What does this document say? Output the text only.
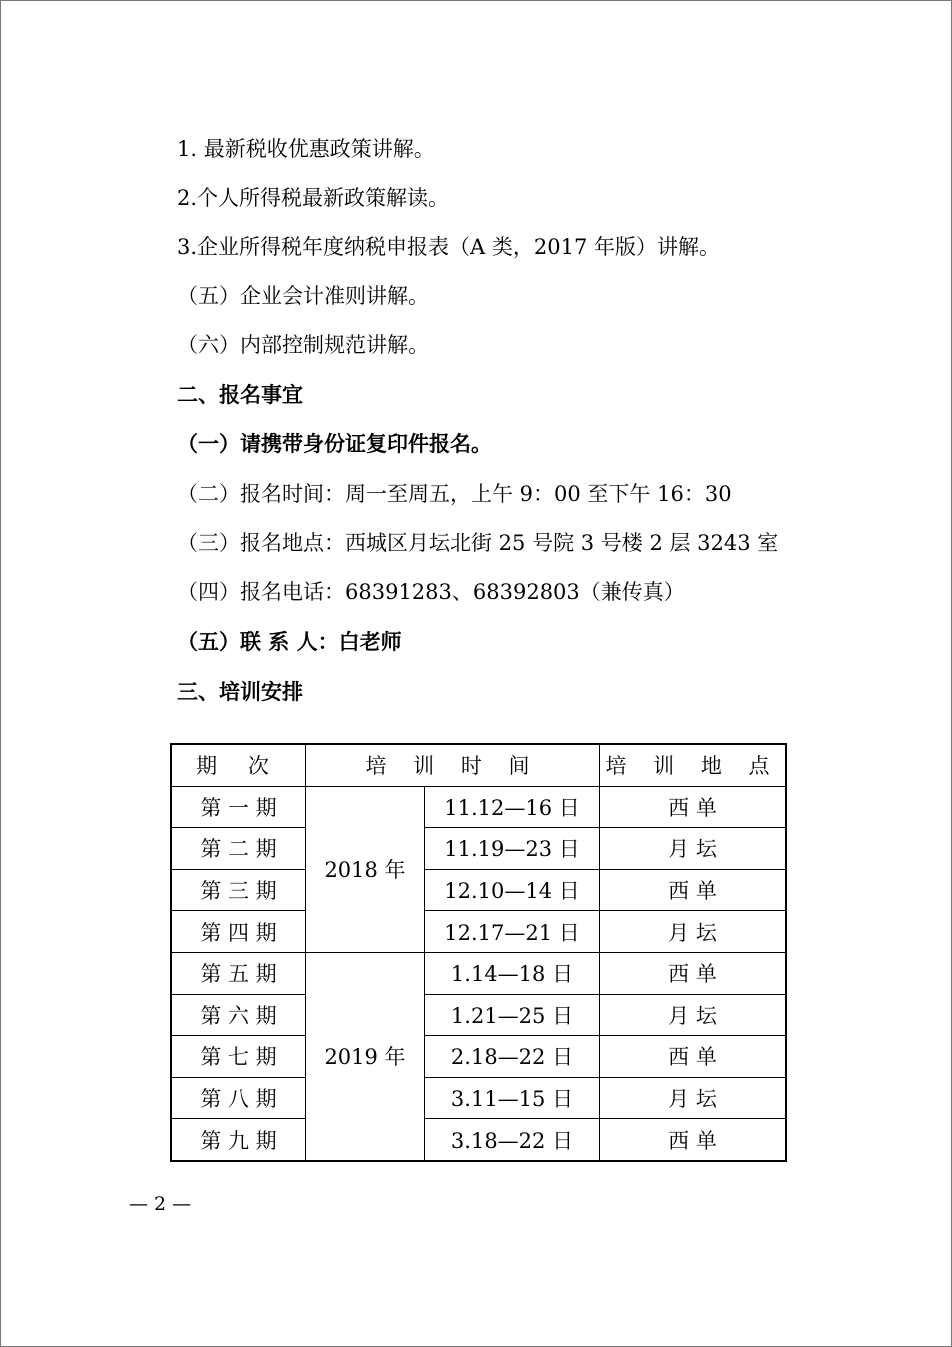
1. 最新税收优惠政策讲解。
2.个人所得税最新政策解读。
3.企业所得税年度纳税申报表（A 类，2017 年版）讲解。
（五）企业会计准则讲解。
（六）内部控制规范讲解。
二、报名事宜
（一）请携带身份证复印件报名。
（二）报名时间：周一至周五，上午 9：00 至下午 16：30
（三）报名地点：西城区月坛北街 25 号院 3 号楼 2 层 3243 室
（四）报名电话：68391283、68392803（兼传真）
（五）联 系 人：白老师
三、培训安排
期 次	培 训 时 间		培 训 地 点
第 一 期	2018 年	11.12—16 日	西 单
第 二 期		11.19—23 日	月 坛
第 三 期		12.10—14 日	西 单
第 四 期		12.17—21 日	月 坛
第 五 期	2019 年	1.14—18 日	西 单
第 六 期		1.21—25 日	月 坛
第 七 期		2.18—22 日	西 单
第 八 期		3.11—15 日	月 坛
第 九 期		3.18—22 日	西 单
— 2 —
